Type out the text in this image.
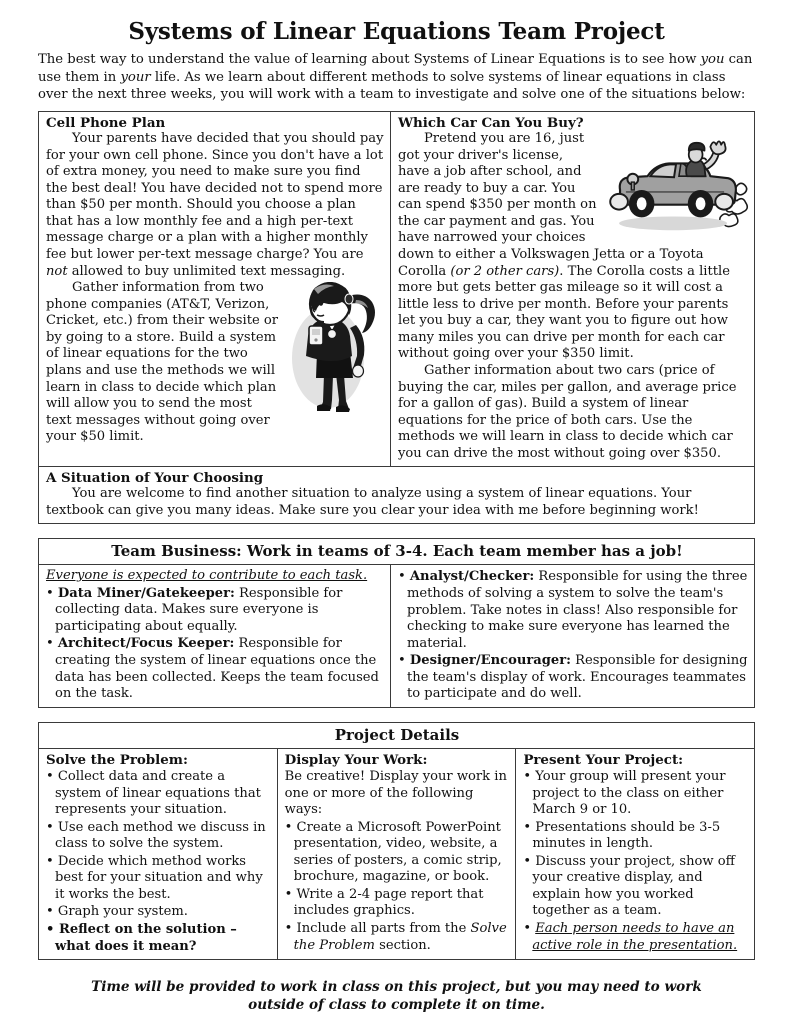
Systems of Linear Equations Team Project
The best way to understand the value of learning about Systems of Linear Equations is to see how you can use them in your life. As we learn about different methods to solve systems of linear equations in class over the next three weeks, you will work with a team to investigate and solve one of the situations below:
Cell Phone Plan
Your parents have decided that you should pay for your own cell phone. Since you don't have a lot of extra money, you need to make sure you find the best deal! You have decided not to spend more than $50 per month. Should you choose a plan that has a low monthly fee and a high per-text message charge or a plan with a higher monthly fee but lower per-text message charge? You are not allowed to buy unlimited text messaging.
Gather information from two phone companies (AT&T, Verizon, Cricket, etc.) from their website or by going to a store. Build a system of linear equations for the two plans and use the methods we will learn in class to decide which plan will allow you to send the most text messages without going over your $50 limit.

Which Car Can You Buy?
Pretend you are 16, just got your driver's license, have a job after school, and are ready to buy a car. You can spend $350 per month on the car payment and gas. You have narrowed your choices down to either a Volkswagen Jetta or a Toyota Corolla (or 2 other cars). The Corolla costs a little more but gets better gas mileage so it will cost a little less to drive per month. Before your parents let you buy a car, they want you to figure out how many miles you can drive per month for each car without going over your $350 limit.
Gather information about two cars (price of buying the car, miles per gallon, and average price for a gallon of gas). Build a system of linear equations for the price of both cars. Use the methods we will learn in class to decide which car you can drive the most without going over $350.

A Situation of Your Choosing
You are welcome to find another situation to analyze using a system of linear equations. Your textbook can give you many ideas. Make sure you clear your idea with me before beginning work!
Team Business: Work in teams of 3-4. Each team member has a job!

Everyone is expected to contribute to each task.
• Data Miner/Gatekeeper: Responsible for collecting data. Makes sure everyone is participating about equally.
• Architect/Focus Keeper: Responsible for creating the system of linear equations once the data has been collected. Keeps the team focused on the task.

• Analyst/Checker: Responsible for using the three methods of solving a system to solve the team's problem. Take notes in class! Also responsible for checking to make sure everyone has learned the material.
• Designer/Encourager: Responsible for designing the team's display of work. Encourages teammates to participate and do well.
Project Details

Solve the Problem:
• Collect data and create a system of linear equations that represents your situation.
• Use each method we discuss in class to solve the system.
• Decide which method works best for your situation and why it works the best.
• Graph your system.
• Reflect on the solution – what does it mean?

Display Your Work:
Be creative! Display your work in one or more of the following ways:
• Create a Microsoft PowerPoint presentation, video, website, a series of posters, a comic strip, brochure, magazine, or book.
• Write a 2-4 page report that includes graphics.
• Include all parts from the Solve the Problem section.

Present Your Project:
• Your group will present your project to the class on either March 9 or 10.
• Presentations should be 3-5 minutes in length.
• Discuss your project, show off your creative display, and explain how you worked together as a team.
• Each person needs to have an active role in the presentation.
Time will be provided to work in class on this project, but you may need to work outside of class to complete it on time.
